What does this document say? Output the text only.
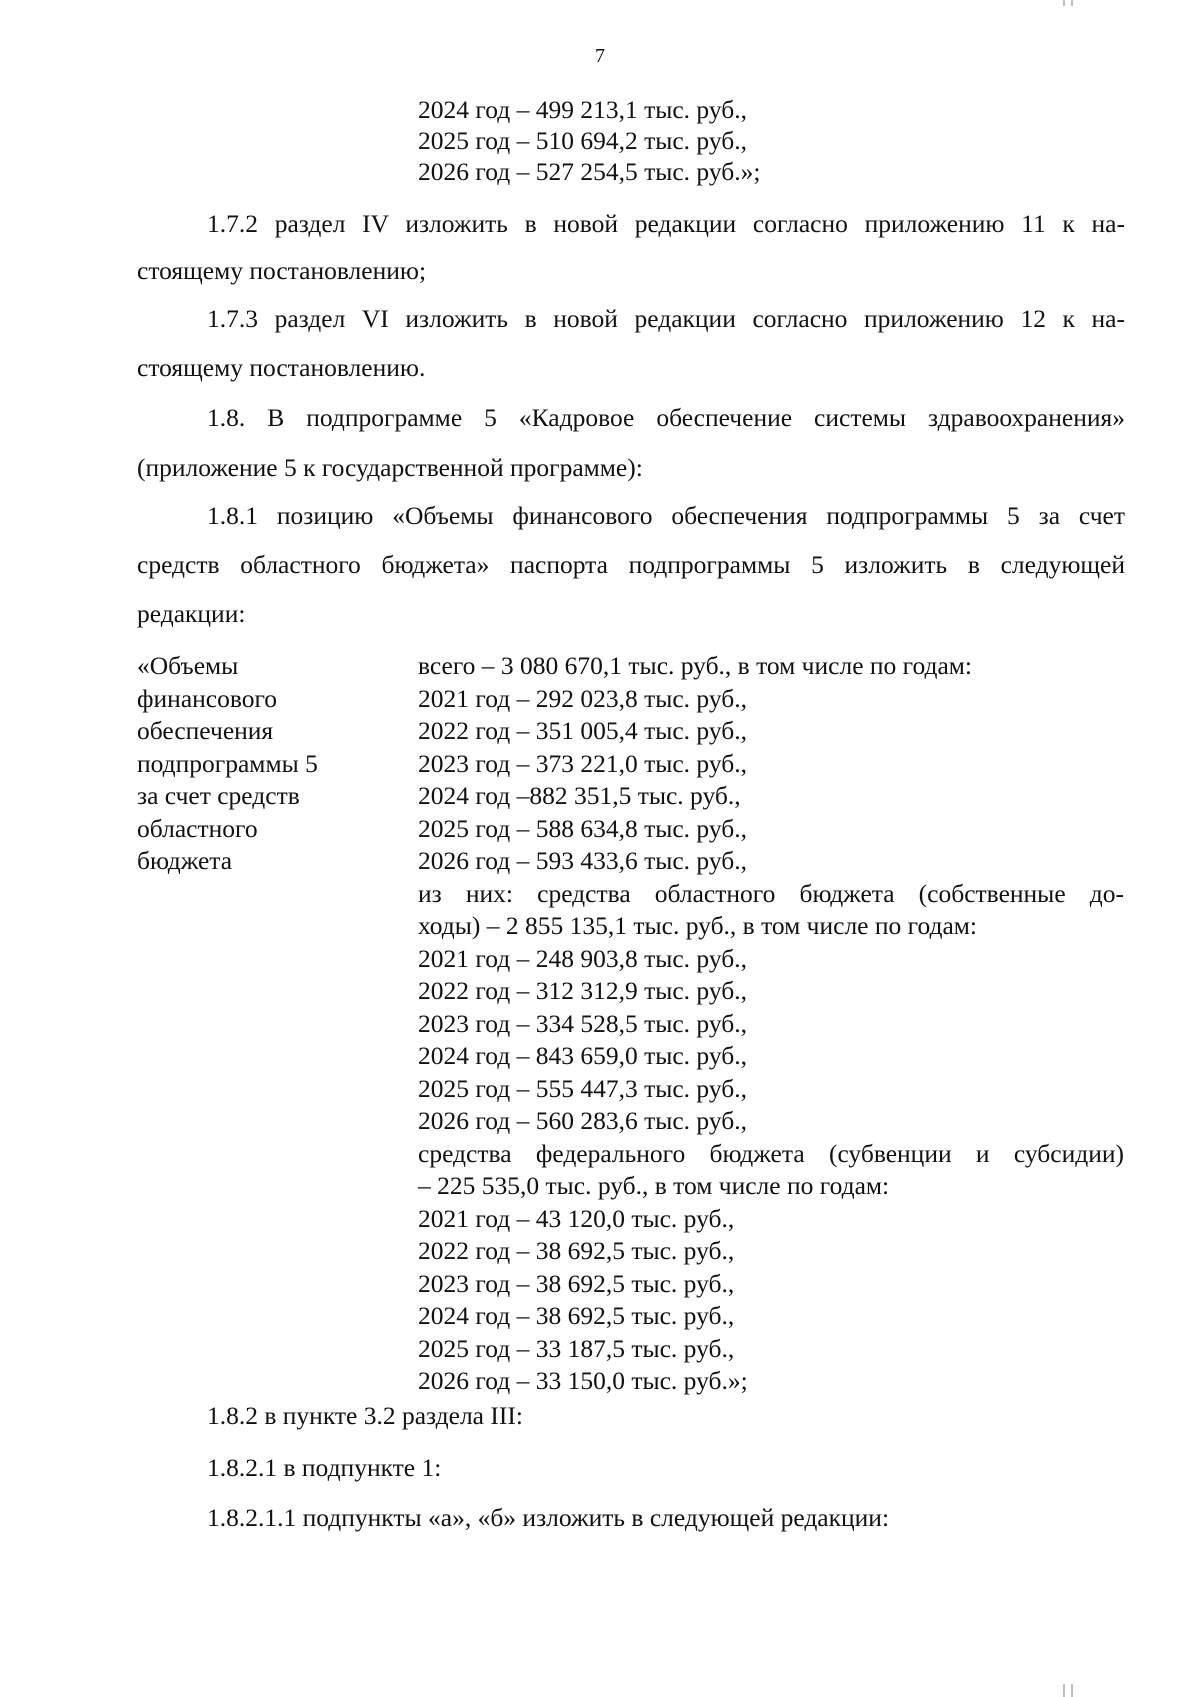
7
2024 год – 499 213,1 тыс. руб.,
2025 год – 510 694,2 тыс. руб.,
2026 год – 527 254,5 тыс. руб.»;
1.7.2 раздел IV изложить в новой редакции согласно приложению 11 к на-
стоящему постановлению;
1.7.3 раздел VI изложить в новой редакции согласно приложению 12 к на-
стоящему постановлению.
1.8. В подпрограмме 5 «Кадровое обеспечение системы здравоохранения»
(приложение 5 к государственной программе):
1.8.1 позицию «Объемы финансового обеспечения подпрограммы 5 за счет
средств областного бюджета» паспорта подпрограммы 5 изложить в следующей
редакции:
«Объемы
финансового
обеспечения
подпрограммы 5
за счет средств
областного
бюджета
всего – 3 080 670,1 тыс. руб., в том числе по годам:
2021 год – 292 023,8 тыс. руб.,
2022 год – 351 005,4 тыс. руб.,
2023 год – 373 221,0 тыс. руб.,
2024 год –882 351,5 тыс. руб.,
2025 год – 588 634,8 тыс. руб.,
2026 год – 593 433,6 тыс. руб.,
из них: средства областного бюджета (собственные до-
ходы) – 2 855 135,1 тыс. руб., в том числе по годам:
2021 год – 248 903,8 тыс. руб.,
2022 год – 312 312,9 тыс. руб.,
2023 год – 334 528,5 тыс. руб.,
2024 год – 843 659,0 тыс. руб.,
2025 год – 555 447,3 тыс. руб.,
2026 год – 560 283,6 тыс. руб.,
средства федерального бюджета (субвенции и субсидии)
– 225 535,0 тыс. руб., в том числе по годам:
2021 год – 43 120,0 тыс. руб.,
2022 год – 38 692,5 тыс. руб.,
2023 год – 38 692,5 тыс. руб.,
2024 год – 38 692,5 тыс. руб.,
2025 год – 33 187,5 тыс. руб.,
2026 год – 33 150,0 тыс. руб.»;
1.8.2 в пункте 3.2 раздела III:
1.8.2.1 в подпункте 1:
1.8.2.1.1 подпункты «а», «б» изложить в следующей редакции:
